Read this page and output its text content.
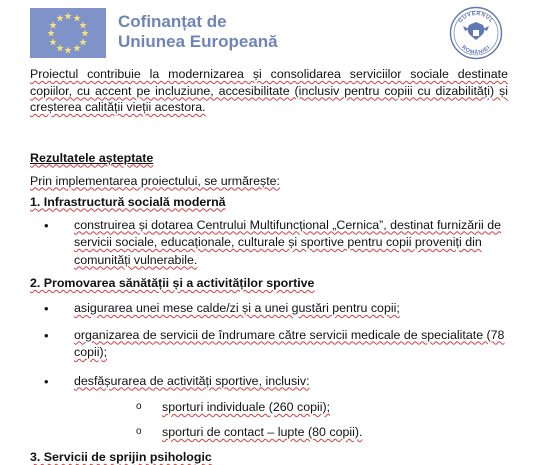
Cofinanțat de
Uniunea Europeană
GUVERNUL
ROMÂNIEI

Proiectul contribuie la modernizarea și consolidarea serviciilor sociale destinate copiilor, cu accent pe incluziune, accesibilitate (inclusiv pentru copiii cu dizabilități) și creșterea calității vieții acestora.

Rezultatele așteptate

Prin implementarea proiectului, se urmărește:

1. Infrastructură socială modernă

• construirea și dotarea Centrului Multifuncțional „Cernica”, destinat furnizării de servicii sociale, educaționale, culturale și sportive pentru copii proveniți din comunități vulnerabile.

2. Promovarea sănătății și a activităților sportive

• asigurarea unei mese calde/zi și a unei gustări pentru copii;
• organizarea de servicii de îndrumare către servicii medicale de specialitate (78 copii);
• desfășurarea de activități sportive, inclusiv:
o sporturi individuale (260 copii);
o sporturi de contact – lupte (80 copii).

3. Servicii de sprijin psihologic
